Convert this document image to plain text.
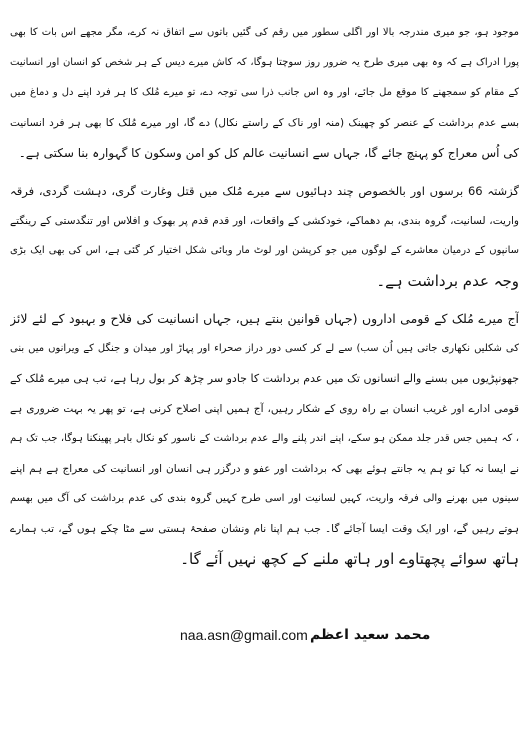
موجود ہو، جو میری مندرجہ بالا اور اگلی سطور میں رقم کی گئیں باتوں سے اتفاق نہ کرے، مگر مجھے اس بات کا بھی
پورا ادراک ہے کہ وہ بھی میری طرح یہ ضرور روز سوچتا ہوگا، کہ کاش میرے دیس کے ہر شخص کو انسان اور انسانیت
کے مقام کو سمجھنے کا موقع مل جائے، اور وہ اس جانب ذرا سی توجہ دے، تو میرے مُلک کا ہر فرد اپنے دل و دماغ میں
بسے عدم برداشت کے عنصر کو چھینک (منہ اور ناک کے راستے نکال) دے گا، اور میرے مُلک کا بھی ہر فرد انسانیت
کی اُس معراج کو پہنچ جائے گا، جہاں سے انسانیت عالم کل کو امن وسکون کا گہوارہ بنا سکتی ہے۔
گزشتہ 66 برسوں اور بالخصوص چند دہائیوں سے میرے مُلک میں قتل وغارت گری، دہشت گردی، فرقہ
واریت، لسانیت، گروہ بندی، بم دھماکے، خودکشی کے واقعات، اور قدم قدم پر بھوک و افلاس اور تنگدستی کے رینگتے
سانپوں کے درمیان معاشرے کے لوگوں میں جو کرپشن اور لوٹ مار وبائی شکل اختیار کر گئی ہے، اس کی بھی ایک بڑی
وجہ عدم برداشت ہے۔
آج میرے مُلک کے قومی اداروں (جہاں قوانین بنتے ہیں، جہاں انسانیت کی فلاح و بہبود کے لئے لائز
کی شکلیں نکھاری جاتی ہیں اُن سب) سے لے کر کسی دور دراز صحراء اور پہاڑ اور میدان و جنگل کے ویرانوں میں بنی
جھونپڑیوں میں بسنے والے انسانوں تک میں عدم برداشت کا جادو سر چڑھ کر بول رہا ہے، تب ہی میرے مُلک کے
قومی ادارے اور غریب انسان بے راہ روی کے شکار رہیں، آج ہمیں اپنی اصلاح کرنی ہے، تو پھر یہ بہت ضروری ہے
، کہ ہمیں جس قدر جلد ممکن ہو سکے، اپنے اندر پلنے والے عدم برداشت کے ناسور کو نکال باہر پھینکنا ہوگا، جب تک ہم
نے ایسا نہ کیا تو ہم یہ جانتے ہوئے بھی کہ برداشت اور عفو و درگزر ہی انسان اور انسانیت کی معراج ہے ہم اپنے
سینوں میں بھرنے والی فرقہ واریت، کہیں لسانیت اور اسی طرح کہیں گروہ بندی کی عدم برداشت کی آگ میں بھسم
ہوتے رہیں گے، اور ایک وقت ایسا آجائے گا۔ جب ہم اپنا نام ونشان صفحۂ ہستی سے مٹا چکے ہوں گے، تب ہمارے
ہاتھ سوائے پچھتاوے اور ہاتھ ملنے کے کچھ نہیں آئے گا۔
naa.asn@gmail.com محمد سعید اعظم
